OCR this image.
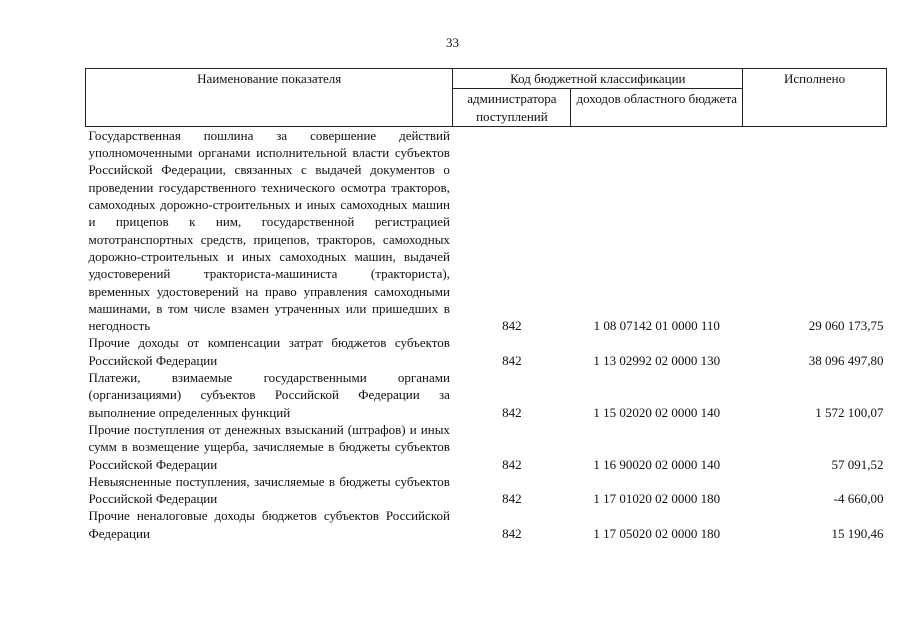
33
Наименование показателя	Код бюджетной классификации		Исполнено
	администратора поступлений	доходов областного бюджета	
Государственная пошлина за совершение действий уполномоченными органами исполнительной власти субъектов Российской Федерации, связанных с выдачей документов о проведении государственного технического осмотра тракторов, самоходных дорожно-строительных и иных самоходных машин и прицепов к ним, государственной регистрацией мототранспортных средств, прицепов, тракторов, самоходных дорожно-строительных и иных самоходных машин, выдачей удостоверений тракториста-машиниста (тракториста), временных удостоверений на право управления самоходными машинами, в том числе взамен утраченных или пришедших в негодность	842	1 08 07142 01 0000 110	29 060 173,75
Прочие доходы от компенсации затрат бюджетов субъектов Российской Федерации	842	1 13 02992 02 0000 130	38 096 497,80
Платежи, взимаемые государственными органами (организациями) субъектов Российской Федерации за выполнение определенных функций	842	1 15 02020 02 0000 140	1 572 100,07
Прочие поступления от денежных взысканий (штрафов) и иных сумм в возмещение ущерба, зачисляемые в бюджеты субъектов Российской Федерации	842	1 16 90020 02 0000 140	57 091,52
Невыясненные поступления, зачисляемые в бюджеты субъектов Российской Федерации	842	1 17 01020 02 0000 180	-4 660,00
Прочие неналоговые доходы бюджетов субъектов Российской Федерации	842	1 17 05020 02 0000 180	15 190,46
